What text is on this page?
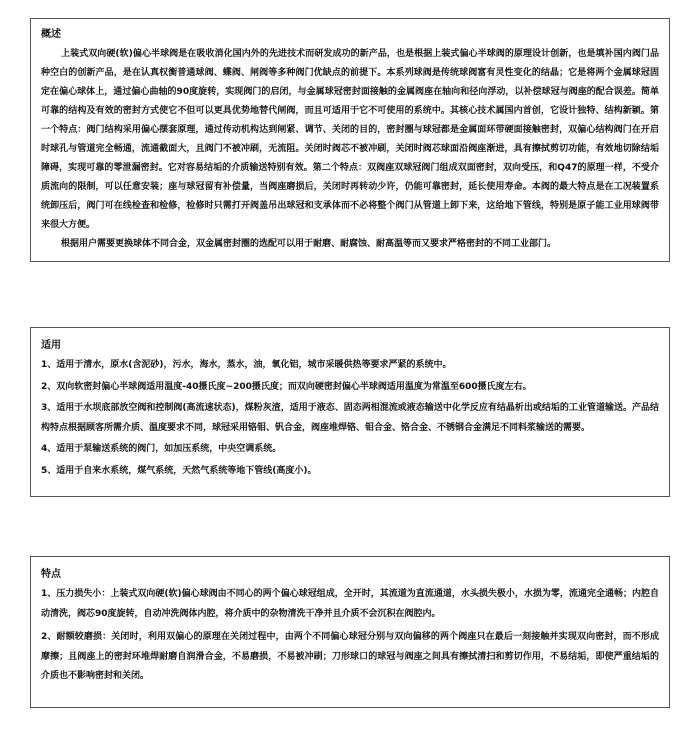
概述

上装式双向硬(软)偏心半球阀是在吸收消化国内外的先进技术而研发成功的新产品，也是根据上装式偏心半球阀的原理设计创新，也是填补国内阀门品种空白的创新产品，是在认真权衡普通球阀、蝶阀、闸阀等多种阀门优缺点的前提下。本系列球阀是传统球阀富有灵性变化的结晶；它是将两个金属球冠固定在偏心球体上，通过偏心曲轴的90度旋转，实现阀门的启闭，与金属球冠密封面接触的金属阀座在轴向和径向浮动，以补偿球冠与阀座的配合误差。简单可靠的结构及有效的密封方式使它不但可以更具优势地替代闸阀，而且可适用于它不可使用的系统中。其核心技术属国内首创，它设计独特、结构新颖。第一个特点：阀门结构采用偏心摆套原理，通过传动机构达到闸紧、调节、关闭的目的，密封圈与球冠都是金属面环带硬面接触密封，双偏心结构阀门在开启时球孔与管道完全畅通，流通截面大，且阀门不被冲刷，无流阻。关闭时阀芯不被冲刷，关闭时阀芯球面沿阀座渐进，具有擦拭剪切功能，有效地切除结垢障碍，实现可靠的零泄漏密封。它对容易结垢的介质输送特别有效。第二个特点：双阀座双球冠阀门组成双面密封，双向受压，和Q47的原理一样，不受介质流向的限制，可以任意安装；座与球冠留有补偿量，当阀座磨损后，关闭时再转动少许，仍能可靠密封，延长使用寿命。本阀的最大特点是在工况装置系统卸压后，阀门可在线检查和检修，检修时只需打开阀盖吊出球冠和支承体而不必将整个阀门从管道上卸下来，这给地下管线，特别是原子能工业用球阀带来很大方便。

根据用户需要更换球体不同合金，双金属密封圈的选配可以用于耐磨、耐腐蚀、耐高温等而又要求严格密封的不同工业部门。

适用

1、适用于清水，原水(含泥砂)，污水，海水，蒸水，油，氧化铝，城市采暖供热等要求严紧的系统中。

2、双向软密封偏心半球阀适用温度-40摄氏度~200摄氏度；而双向硬密封偏心半球阀适用温度为常温至600摄氏度左右。

3、适用于水坝底部放空阀和控制阀(高流速状态)，煤粉灰渣，适用于液态、固态两相混流或液态输送中化学反应有结晶析出或结垢的工业管道输送。产品结构特点根据顾客所需介质、温度要求不同，球冠采用铬钼、钒合金，阀座堆焊铬、钼合金、铬合金、不锈钢合金满足不同料浆输送的需要。

4、适用于泵输送系统的阀门，如加压系统，中央空调系统。

5、适用于自来水系统，煤气系统，天然气系统等地下管线(高度小)。

特点

1、压力损失小：上装式双向硬(软)偏心球阀由不同心的两个偏心球冠组成，全开时，其流道为直流通道，水头损失极小，水损为零，流通完全通畅；内腔自动清洗，阀芯90度旋转，自动冲洗阀体内腔，将介质中的杂物清洗干净并且介质不会沉积在阀腔内。

2、耐额较磨损：关闭时，利用双偏心的原理在关闭过程中，由两个不同偏心球冠分别与双向偏移的两个阀座只在最后一刻接触并实现双向密封，而不形成摩擦；且阀座上的密封环堆焊耐磨自润滑合金，不易磨损，不易被冲刷；刀形球口的球冠与阀座之间具有擦拭清扫和剪切作用，不易结垢，即使严重结垢的介质也不影响密封和关闭。
